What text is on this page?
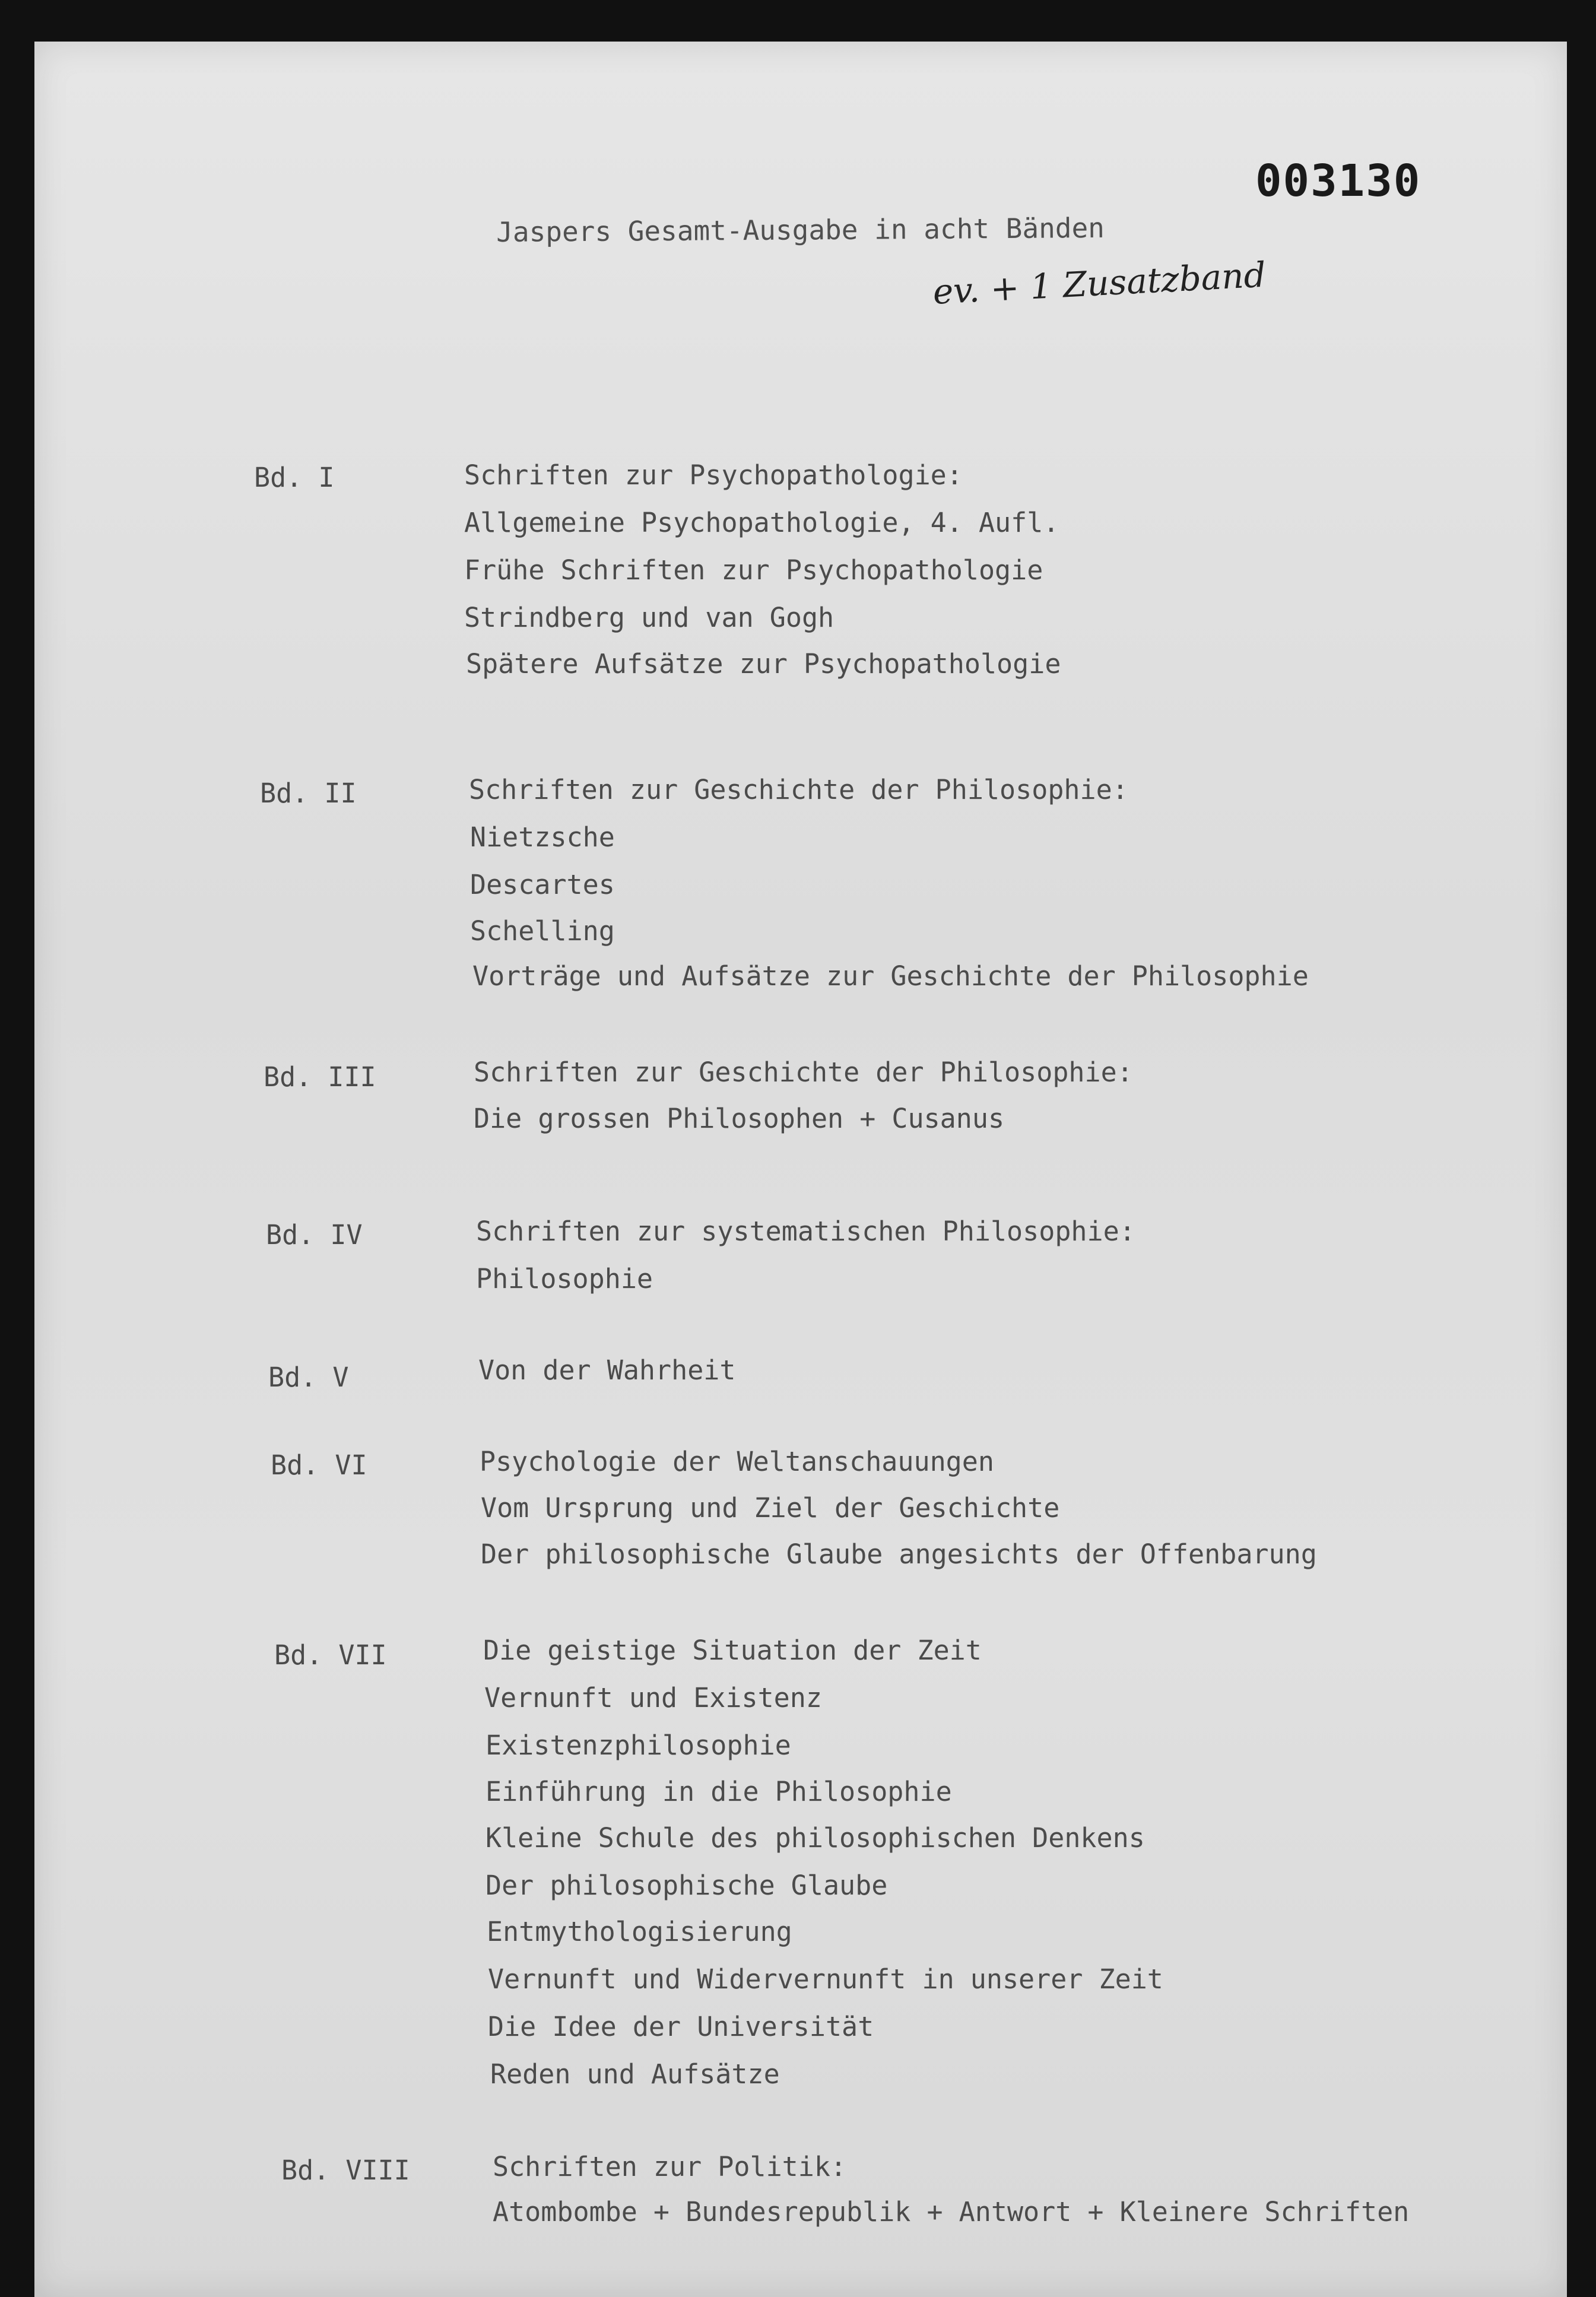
003130
Jaspers Gesamt-Ausgabe in acht Bänden
ev. + 1 Zusatzband
Bd. I	Schriften zur Psychopathologie:
Allgemeine Psychopathologie, 4. Aufl.
Frühe Schriften zur Psychopathologie
Strindberg und van Gogh
Spätere Aufsätze zur Psychopathologie
Bd. II	Schriften zur Geschichte der Philosophie:
Nietzsche
Descartes
Schelling
Vorträge und Aufsätze zur Geschichte der Philosophie
Bd. III	Schriften zur Geschichte der Philosophie:
Die grossen Philosophen + Cusanus
Bd. IV	Schriften zur systematischen Philosophie:
Philosophie
Bd. V	Von der Wahrheit
Bd. VI	Psychologie der Weltanschauungen
Vom Ursprung und Ziel der Geschichte
Der philosophische Glaube angesichts der Offenbarung
Bd. VII	Die geistige Situation der Zeit
Vernunft und Existenz
Existenzphilosophie
Einführung in die Philosophie
Kleine Schule des philosophischen Denkens
Der philosophische Glaube
Entmythologisierung
Vernunft und Widervernunft in unserer Zeit
Die Idee der Universität
Reden und Aufsätze
Bd. VIII	Schriften zur Politik:
Atombombe + Bundesrepublik + Antwort + Kleinere Schriften
